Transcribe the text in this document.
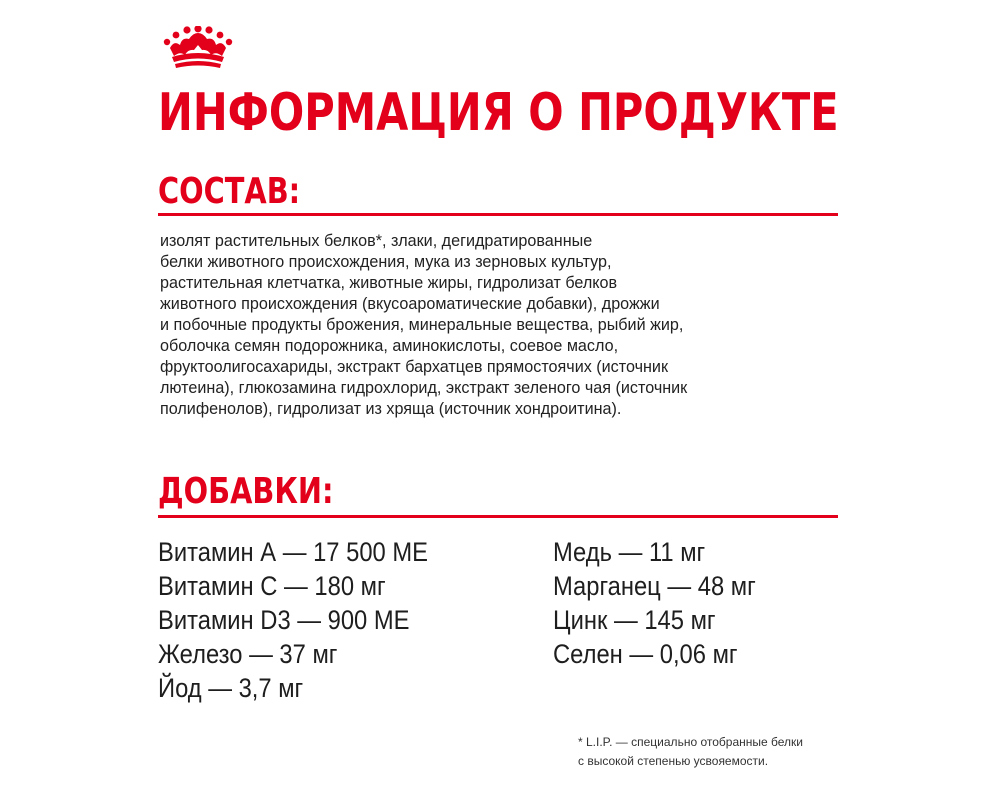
ИНФОРМАЦИЯ О ПРОДУКТЕ
СОСТАВ:
изолят растительных белков*, злаки, дегидратированные
белки животного происхождения, мука из зерновых культур,
растительная клетчатка, животные жиры, гидролизат белков
животного происхождения (вкусоароматические добавки), дрожжи
и побочные продукты брожения, минеральные вещества, рыбий жир,
оболочка семян подорожника, аминокислоты, соевое масло,
фруктоолигосахариды, экстракт бархатцев прямостоячих (источник
лютеина), глюкозамина гидрохлорид, экстракт зеленого чая (источник
полифенолов), гидролизат из хряща (источник хондроитина).
ДОБАВКИ:
Витамин А — 17 500 МЕ
Витамин С — 180 мг
Витамин D3 — 900 МЕ
Железо — 37 мг
Йод — 3,7 мг
Медь — 11 мг
Марганец — 48 мг
Цинк — 145 мг
Селен — 0,06 мг
* L.I.P. — специально отобранные белки
с высокой степенью усвояемости.
